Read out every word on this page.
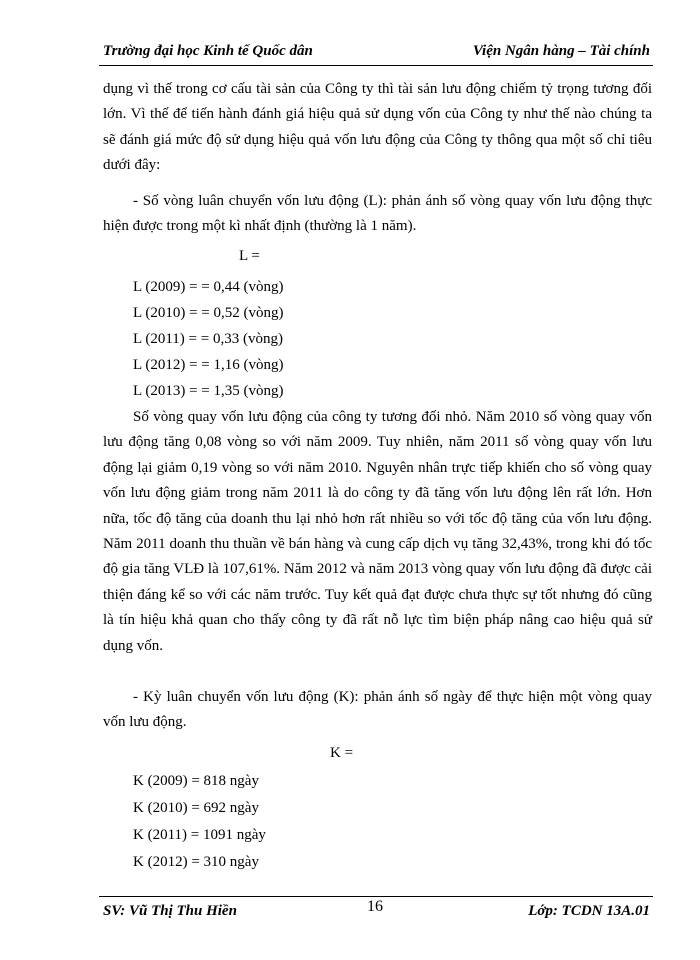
Trường đại học Kinh tế Quốc dân	Viện Ngân hàng – Tài chính
dụng vì thế trong cơ cấu tài sản của Công ty thì tài sản lưu động chiếm tỷ trọng tương đối lớn. Vì thế để tiến hành đánh giá hiệu quả sử dụng vốn của Công ty như thế nào chúng ta sẽ đánh giá mức độ sử dụng hiệu quả vốn lưu động của Công ty thông qua một số chỉ tiêu dưới đây:
- Số vòng luân chuyển vốn lưu động (L): phản ánh số vòng quay vốn lưu động thực hiện được trong một kì nhất định (thường là 1 năm).
L =
L (2009) = = 0,44 (vòng)
L (2010) = = 0,52 (vòng)
L (2011) = = 0,33 (vòng)
L (2012) = = 1,16 (vòng)
L (2013) = = 1,35 (vòng)
Số vòng quay vốn lưu động của công ty tương đối nhỏ. Năm 2010 số vòng quay vốn lưu động tăng 0,08 vòng so với năm 2009. Tuy nhiên, năm 2011 số vòng quay vốn lưu động lại giảm 0,19 vòng so với năm 2010. Nguyên nhân trực tiếp khiến cho số vòng quay vốn lưu động giảm trong năm 2011 là do công ty đã tăng vốn lưu động lên rất lớn. Hơn nữa, tốc độ tăng của doanh thu lại nhỏ hơn rất nhiều so với tốc độ tăng của vốn lưu động. Năm 2011 doanh thu thuần về bán hàng và cung cấp dịch vụ tăng 32,43%, trong khi đó tốc độ gia tăng VLĐ là 107,61%. Năm 2012 và năm 2013 vòng quay vốn lưu động đã được cải thiện đáng kể so với các năm trước. Tuy kết quả đạt được chưa thực sự tốt nhưng đó cũng là tín hiệu khả quan cho thấy công ty đã rất nỗ lực tìm biện pháp nâng cao hiệu quả sử dụng vốn.
- Kỳ luân chuyển vốn lưu động (K): phản ánh số ngày để thực hiện một vòng quay vốn lưu động.
K =
K (2009) = 818 ngày
K (2010) = 692 ngày
K (2011) = 1091 ngày
K (2012) = 310 ngày
SV: Vũ Thị Thu Hiền	16	Lớp: TCDN 13A.01
